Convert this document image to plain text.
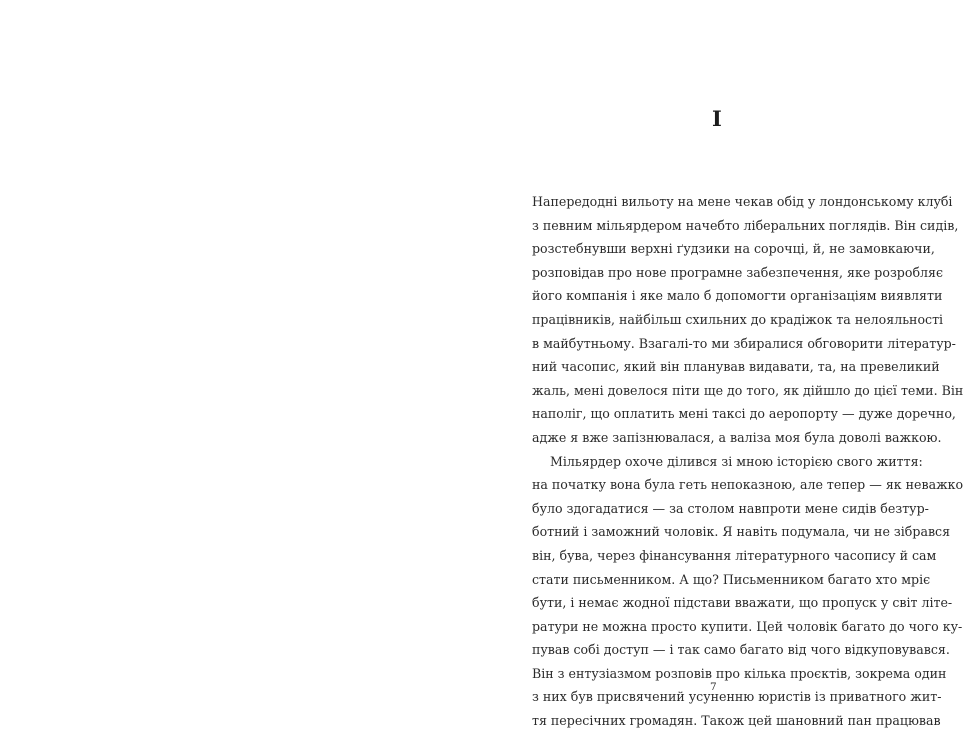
I
Напередодні вильоту на мене чекав обід у лондонському клубі
з певним мільярдером начебто ліберальних поглядів. Він сидів,
розстебнувши верхні ґудзики на сорочці, й, не замовкаючи,
розповідав про нове програмне забезпечення, яке розробляє
його компанія і яке мало б допомогти організаціям виявляти
працівників, найбільш схильних до крадіжок та нелояльності
в майбутньому. Взагалі-то ми збиралися обговорити літератур-
ний часопис, який він планував видавати, та, на превеликий
жаль, мені довелося піти ще до того, як дійшло до цієї теми. Він
наполіг, що оплатить мені таксі до аеропорту — дуже доречно,
адже я вже запізнювалася, а валіза моя була доволі важкою.
Мільярдер охоче ділився зі мною історією свого життя:
на початку вона була геть непоказною, але тепер — як неважко
було здогадатися — за столом навпроти мене сидів безтур-
ботний і заможний чоловік. Я навіть подумала, чи не зібрався
він, бува, через фінансування літературного часопису й сам
стати письменником. А що? Письменником багато хто мріє
бути, і немає жодної підстави вважати, що пропуск у світ літе-
ратури не можна просто купити. Цей чоловік багато до чого ку-
пував собі доступ — і так само багато від чого відкуповувався.
Він з ентузіазмом розповів про кілька проєктів, зокрема один
з них був присвячений усуненню юристів із приватного жит-
тя пересічних громадян. Також цей шановний пан працював
7
